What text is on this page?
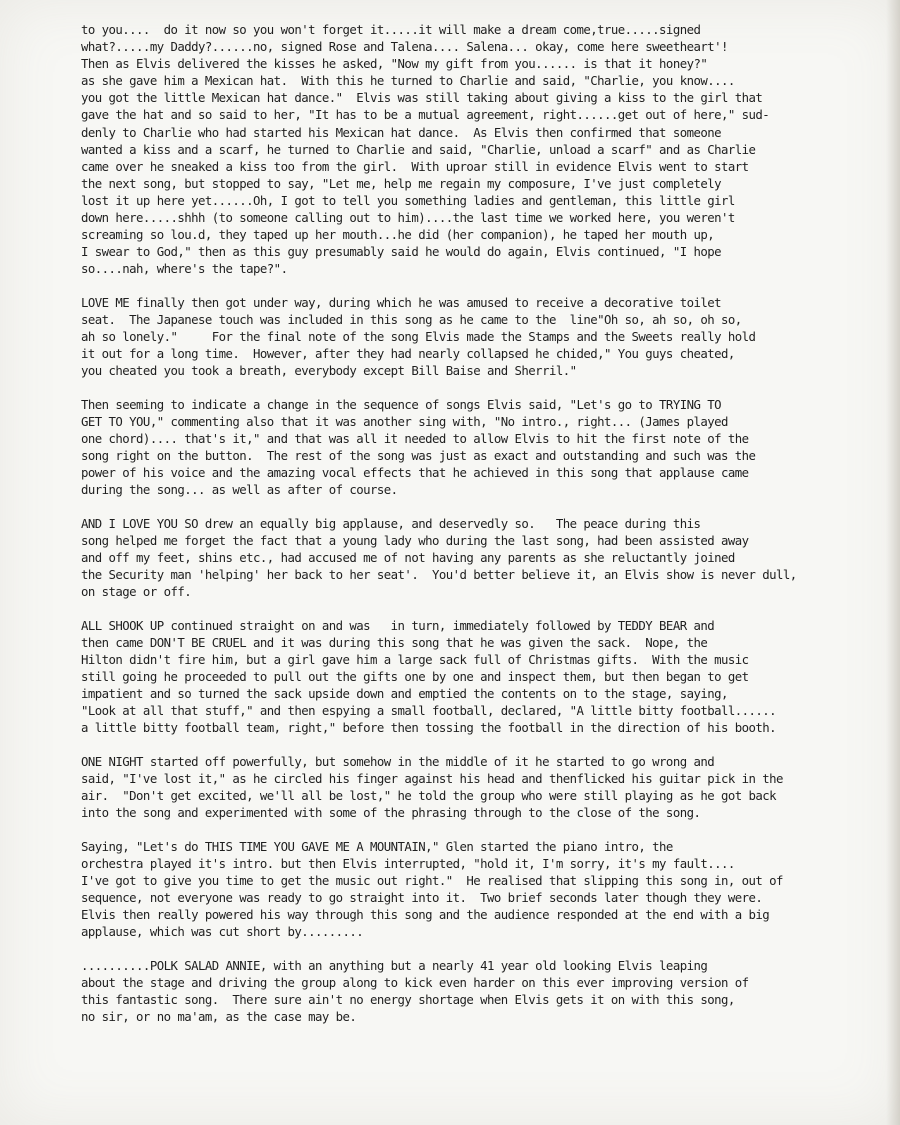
to you....  do it now so you won't forget it.....it will make a dream come,true.....signed
what?.....my Daddy?......no, signed Rose and Talena.... Salena... okay, come here sweetheart'!
Then as Elvis delivered the kisses he asked, "Now my gift from you...... is that it honey?"
as she gave him a Mexican hat.  With this he turned to Charlie and said, "Charlie, you know....
you got the little Mexican hat dance."  Elvis was still taking about giving a kiss to the girl that
gave the hat and so said to her, "It has to be a mutual agreement, right......get out of here," sud-
denly to Charlie who had started his Mexican hat dance.  As Elvis then confirmed that someone
wanted a kiss and a scarf, he turned to Charlie and said, "Charlie, unload a scarf" and as Charlie
came over he sneaked a kiss too from the girl.  With uproar still in evidence Elvis went to start
the next song, but stopped to say, "Let me, help me regain my composure, I've just completely
lost it up here yet......Oh, I got to tell you something ladies and gentleman, this little girl
down here.....shhh (to someone calling out to him)....the last time we worked here, you weren't
screaming so lou.d, they taped up her mouth...he did (her companion), he taped her mouth up,
I swear to God," then as this guy presumably said he would do again, Elvis continued, "I hope
so....nah, where's the tape?".

LOVE ME finally then got under way, during which he was amused to receive a decorative toilet
seat.  The Japanese touch was included in this song as he came to the  line"Oh so, ah so, oh so,
ah so lonely."     For the final note of the song Elvis made the Stamps and the Sweets really hold
it out for a long time.  However, after they had nearly collapsed he chided," You guys cheated,
you cheated you took a breath, everybody except Bill Baise and Sherril."

Then seeming to indicate a change in the sequence of songs Elvis said, "Let's go to TRYING TO
GET TO YOU," commenting also that it was another sing with, "No intro., right... (James played
one chord).... that's it," and that was all it needed to allow Elvis to hit the first note of the
song right on the button.  The rest of the song was just as exact and outstanding and such was the
power of his voice and the amazing vocal effects that he achieved in this song that applause came
during the song... as well as after of course.

AND I LOVE YOU SO drew an equally big applause, and deservedly so.   The peace during this
song helped me forget the fact that a young lady who during the last song, had been assisted away
and off my feet, shins etc., had accused me of not having any parents as she reluctantly joined
the Security man 'helping' her back to her seat'.  You'd better believe it, an Elvis show is never dull,
on stage or off.

ALL SHOOK UP continued straight on and was   in turn, immediately followed by TEDDY BEAR and
then came DON'T BE CRUEL and it was during this song that he was given the sack.  Nope, the
Hilton didn't fire him, but a girl gave him a large sack full of Christmas gifts.  With the music
still going he proceeded to pull out the gifts one by one and inspect them, but then began to get
impatient and so turned the sack upside down and emptied the contents on to the stage, saying,
"Look at all that stuff," and then espying a small football, declared, "A little bitty football......
a little bitty football team, right," before then tossing the football in the direction of his booth.

ONE NIGHT started off powerfully, but somehow in the middle of it he started to go wrong and
said, "I've lost it," as he circled his finger against his head and thenflicked his guitar pick in the
air.  "Don't get excited, we'll all be lost," he told the group who were still playing as he got back
into the song and experimented with some of the phrasing through to the close of the song.

Saying, "Let's do THIS TIME YOU GAVE ME A MOUNTAIN," Glen started the piano intro, the
orchestra played it's intro. but then Elvis interrupted, "hold it, I'm sorry, it's my fault....
I've got to give you time to get the music out right."  He realised that slipping this song in, out of
sequence, not everyone was ready to go straight into it.  Two brief seconds later though they were.
Elvis then really powered his way through this song and the audience responded at the end with a big
applause, which was cut short by.........

..........POLK SALAD ANNIE, with an anything but a nearly 41 year old looking Elvis leaping
about the stage and driving the group along to kick even harder on this ever improving version of
this fantastic song.  There sure ain't no energy shortage when Elvis gets it on with this song,
no sir, or no ma'am, as the case may be.
